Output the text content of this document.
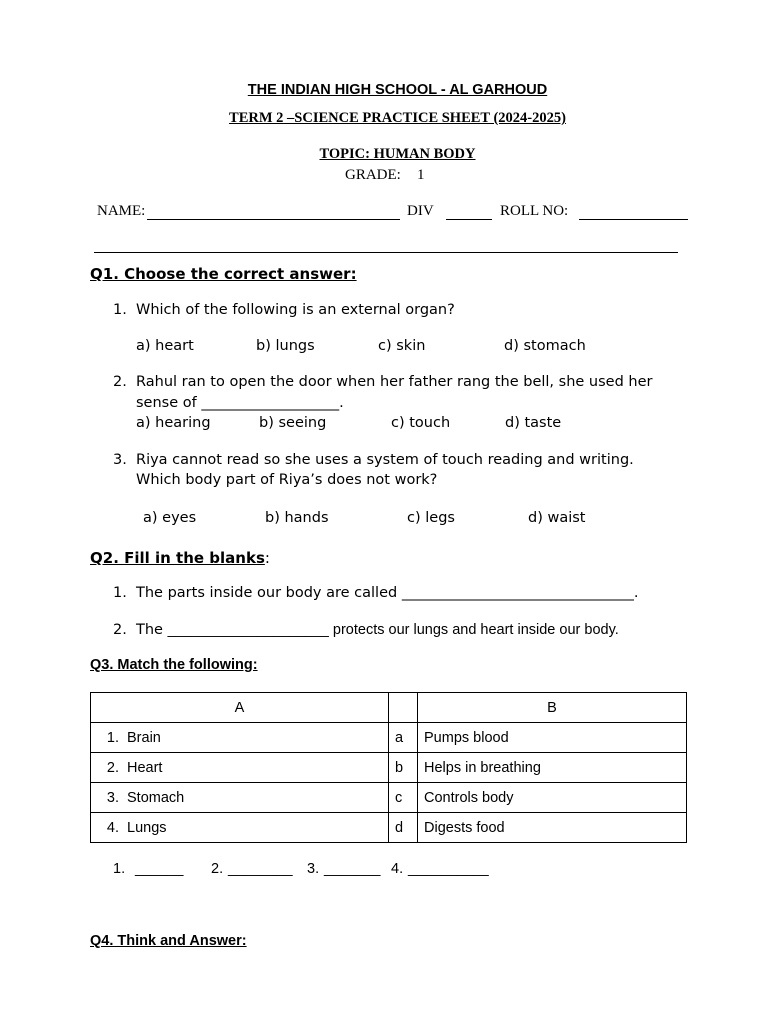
THE INDIAN HIGH SCHOOL - AL GARHOUD
TERM 2 –SCIENCE PRACTICE SHEET (2024-2025)
TOPIC: HUMAN BODY
GRADE: 1
NAME:	DIV	ROLL NO:
Q1. Choose the correct answer:
1. Which of the following is an external organ?
a) heart	b) lungs	c) skin	d) stomach
2. Rahul ran to open the door when her father rang the bell, she used her
sense of ___________________.
a) hearing	b) seeing	c) touch	d) taste
3. Riya cannot read so she uses a system of touch reading and writing.
Which body part of Riya’s does not work?
a) eyes	b) hands	c) legs	d) waist
Q2. Fill in the blanks:
1. The parts inside our body are called ________________________________.
2. The ____________________ protects our lungs and heart inside our body.
Q3. Match the following:
A		B
1. Brain	a	Pumps blood
2. Heart	b	Helps in breathing
3. Stomach	c	Controls body
4. Lungs	d	Digests food
1. ______ 2. ________ 3. _______ 4. __________
Q4. Think and Answer:
